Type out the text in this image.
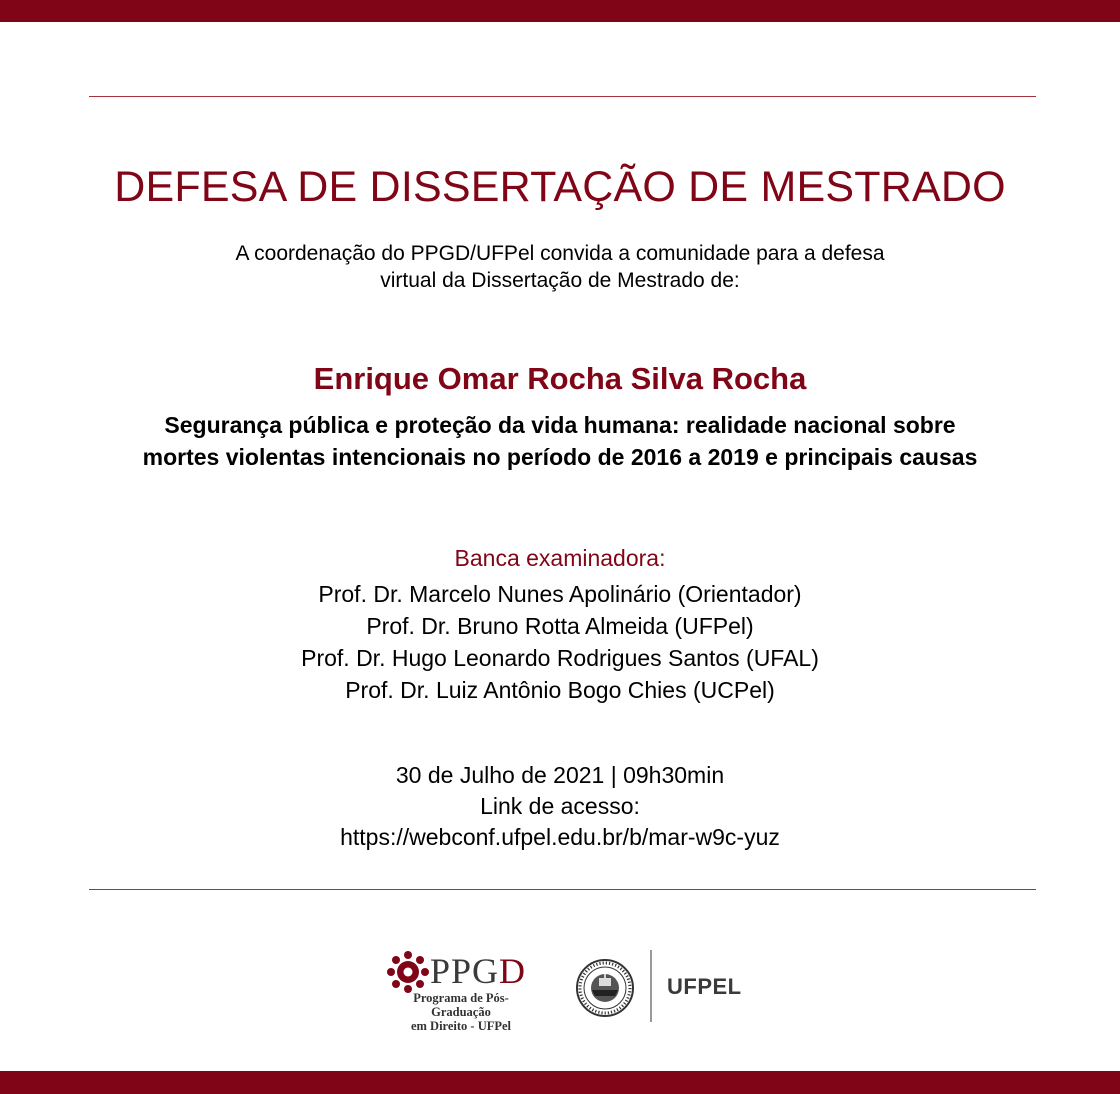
DEFESA DE DISSERTAÇÃO DE MESTRADO
A coordenação do PPGD/UFPel convida a comunidade para a defesa
virtual da Dissertação de Mestrado de:
Enrique Omar Rocha Silva Rocha
Segurança pública e proteção da vida humana: realidade nacional sobre
mortes violentas intencionais no período de 2016 a 2019 e principais causas
Banca examinadora:
Prof. Dr. Marcelo Nunes Apolinário (Orientador)
Prof. Dr. Bruno Rotta Almeida (UFPel)
Prof. Dr. Hugo Leonardo Rodrigues Santos (UFAL)
Prof. Dr. Luiz Antônio Bogo Chies (UCPel)
30 de Julho de 2021 | 09h30min
Link de acesso:
https://webconf.ufpel.edu.br/b/mar-w9c-yuz
PPGD
Programa de Pós-Graduação
em Direito - UFPel
UFPEL
